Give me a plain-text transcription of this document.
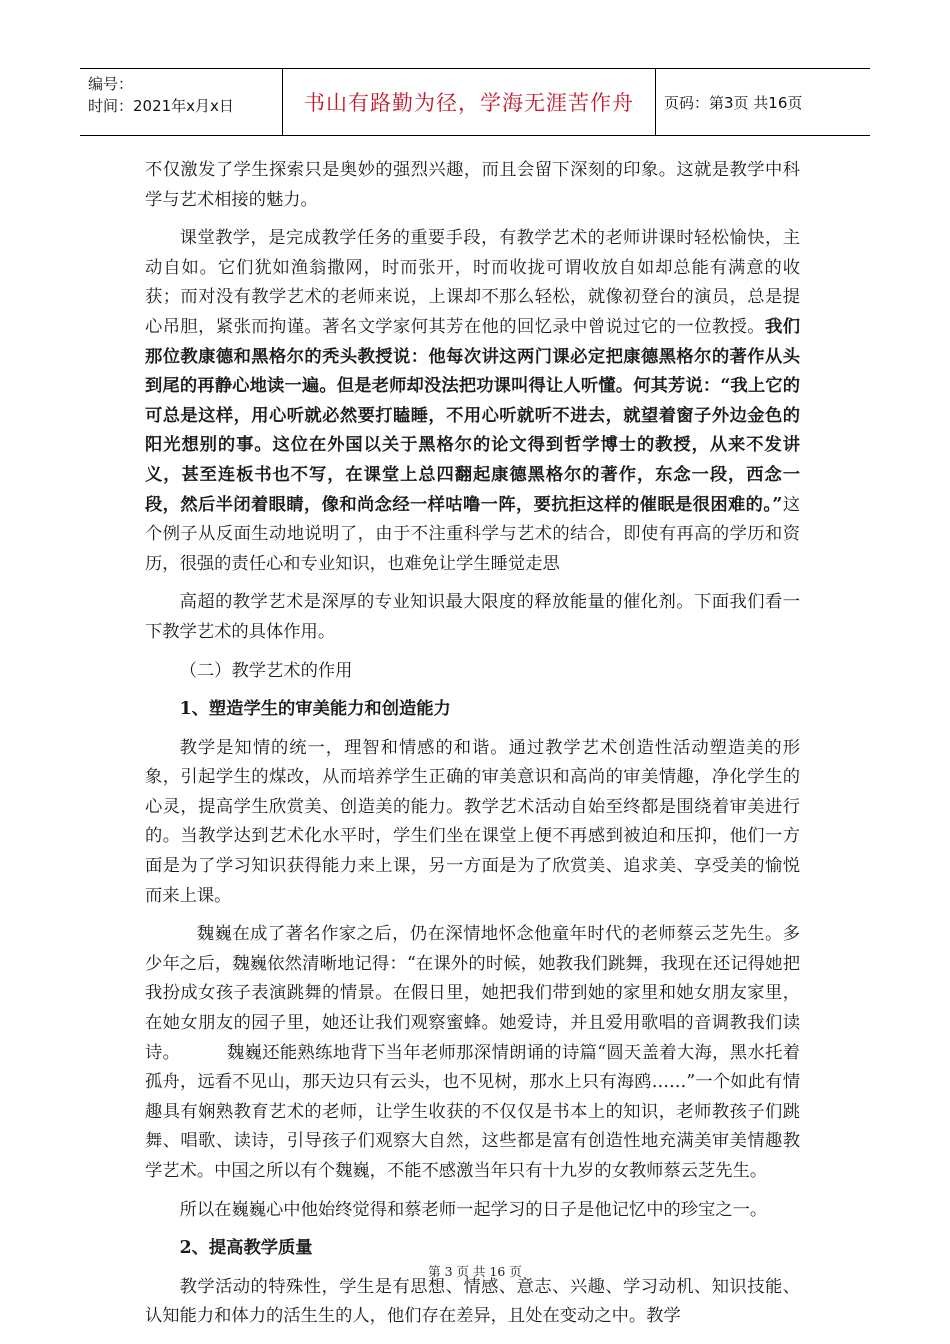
编号：
时间：2021年x月x日	书山有路勤为径，学海无涯苦作舟	页码：第3页 共16页

不仅激发了学生探索只是奥妙的强烈兴趣，而且会留下深刻的印象。这就是教学中科学与艺术相接的魅力。

课堂教学，是完成教学任务的重要手段，有教学艺术的老师讲课时轻松愉快，主动自如。它们犹如渔翁撒网，时而张开，时而收拢可谓收放自如却总能有满意的收获；而对没有教学艺术的老师来说，上课却不那么轻松，就像初登台的演员，总是提心吊胆，紧张而拘谨。著名文学家何其芳在他的回忆录中曾说过它的一位教授。我们那位教康德和黑格尔的秃头教授说：他每次讲这两门课必定把康德黑格尔的著作从头到尾的再静心地读一遍。但是老师却没法把功课叫得让人听懂。何其芳说：“我上它的可总是这样，用心听就必然要打瞌睡，不用心听就听不进去，就望着窗子外边金色的阳光想别的事。这位在外国以关于黑格尔的论文得到哲学博士的教授，从来不发讲义，甚至连板书也不写，在课堂上总四翻起康德黑格尔的著作，东念一段，西念一段，然后半闭着眼睛，像和尚念经一样咕噜一阵，要抗拒这样的催眠是很困难的。”这个例子从反面生动地说明了，由于不注重科学与艺术的结合，即使有再高的学历和资历，很强的责任心和专业知识，也难免让学生睡觉走思

高超的教学艺术是深厚的专业知识最大限度的释放能量的催化剂。下面我们看一下教学艺术的具体作用。

（二）教学艺术的作用

1、塑造学生的审美能力和创造能力

教学是知情的统一，理智和情感的和谐。通过教学艺术创造性活动塑造美的形象，引起学生的煤改，从而培养学生正确的审美意识和高尚的审美情趣，净化学生的心灵，提高学生欣赏美、创造美的能力。教学艺术活动自始至终都是围绕着审美进行的。当教学达到艺术化水平时，学生们坐在课堂上便不再感到被迫和压抑，他们一方面是为了学习知识获得能力来上课，另一方面是为了欣赏美、追求美、享受美的愉悦而来上课。

魏巍在成了著名作家之后，仍在深情地怀念他童年时代的老师蔡云芝先生。多少年之后，魏巍依然清晰地记得：“在课外的时候，她教我们跳舞，我现在还记得她把我扮成女孩子表演跳舞的情景。在假日里，她把我们带到她的家里和她女朋友家里，在她女朋友的园子里，她还让我们观察蜜蜂。她爱诗，并且爱用歌唱的音调教我们读诗。        魏巍还能熟练地背下当年老师那深情朗诵的诗篇“圆天盖着大海，黑水托着孤舟，远看不见山，那天边只有云头，也不见树，那水上只有海鸥……”一个如此有情趣具有娴熟教育艺术的老师，让学生收获的不仅仅是书本上的知识，老师教孩子们跳舞、唱歌、读诗，引导孩子们观察大自然，这些都是富有创造性地充满美审美情趣教学艺术。中国之所以有个魏巍，不能不感激当年只有十九岁的女教师蔡云芝先生。

所以在巍巍心中他始终觉得和蔡老师一起学习的日子是他记忆中的珍宝之一。

2、提高教学质量

教学活动的特殊性，学生是有思想、情感、意志、兴趣、学习动机、知识技能、认知能力和体力的活生生的人，他们存在差异，且处在变动之中。教学

第 3 页 共 16 页
